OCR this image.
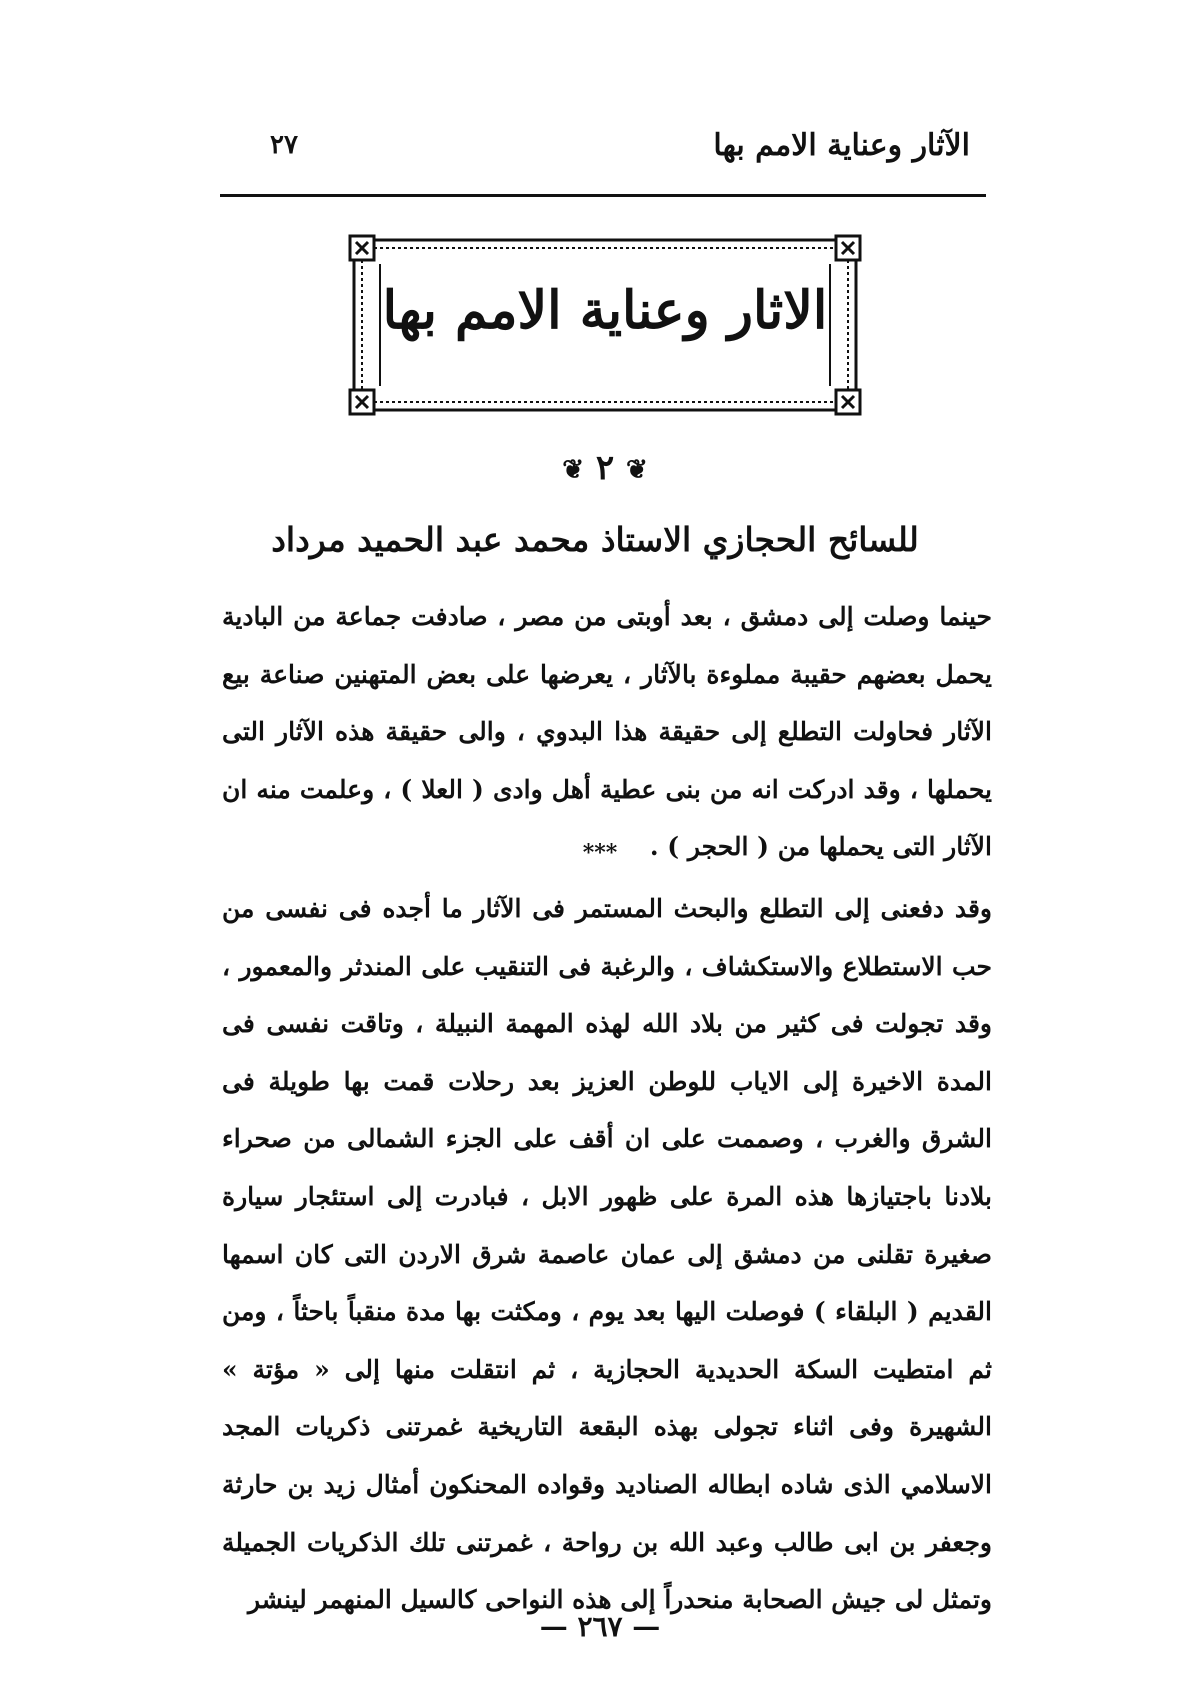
الآثار وعناية الامم بها
٢٧
الاثار وعناية الامم بها
❦ ٢ ❦
للسائح الحجازي الاستاذ محمد عبد الحميد مرداد
حينما وصلت إلى دمشق ، بعد أوبتى من مصر ، صادفت جماعة من البادية يحمل بعضهم حقيبة مملوءة بالآثار ، يعرضها على بعض المتهنين صناعة بيع الآثار فحاولت التطلع إلى حقيقة هذا البدوي ، والى حقيقة هذه الآثار التى يحملها ، وقد ادركت انه من بنى عطية أهل وادى ( العلا ) ، وعلمت منه ان الآثار التى يحملها من ( الحجر ) .
***
وقد دفعنى إلى التطلع والبحث المستمر فى الآثار ما أجده فى نفسى من حب الاستطلاع والاستكشاف ، والرغبة فى التنقيب على المندثر والمعمور ، وقد تجولت فى كثير من بلاد الله لهذه المهمة النبيلة ، وتاقت نفسى فى المدة الاخيرة إلى الاياب للوطن العزيز بعد رحلات قمت بها طويلة فى الشرق والغرب ، وصممت على ان أقف على الجزء الشمالى من صحراء بلادنا باجتيازها هذه المرة على ظهور الابل ، فبادرت إلى استئجار سيارة صغيرة تقلنى من دمشق إلى عمان عاصمة شرق الاردن التى كان اسمها القديم ( البلقاء ) فوصلت اليها بعد يوم ، ومكثت بها مدة منقباً باحثاً ، ومن ثم امتطيت السكة الحديدية الحجازية ، ثم انتقلت منها إلى « مؤتة » الشهيرة وفى اثناء تجولى بهذه البقعة التاريخية غمرتنى ذكريات المجد الاسلامي الذى شاده ابطاله الصناديد وقواده المحنكون أمثال زيد بن حارثة وجعفر بن ابى طالب وعبد الله بن رواحة ، غمرتنى تلك الذكريات الجميلة وتمثل لى جيش الصحابة منحدراً إلى هذه النواحى كالسيل المنهمر لينشر
— ٢٦٧ —
